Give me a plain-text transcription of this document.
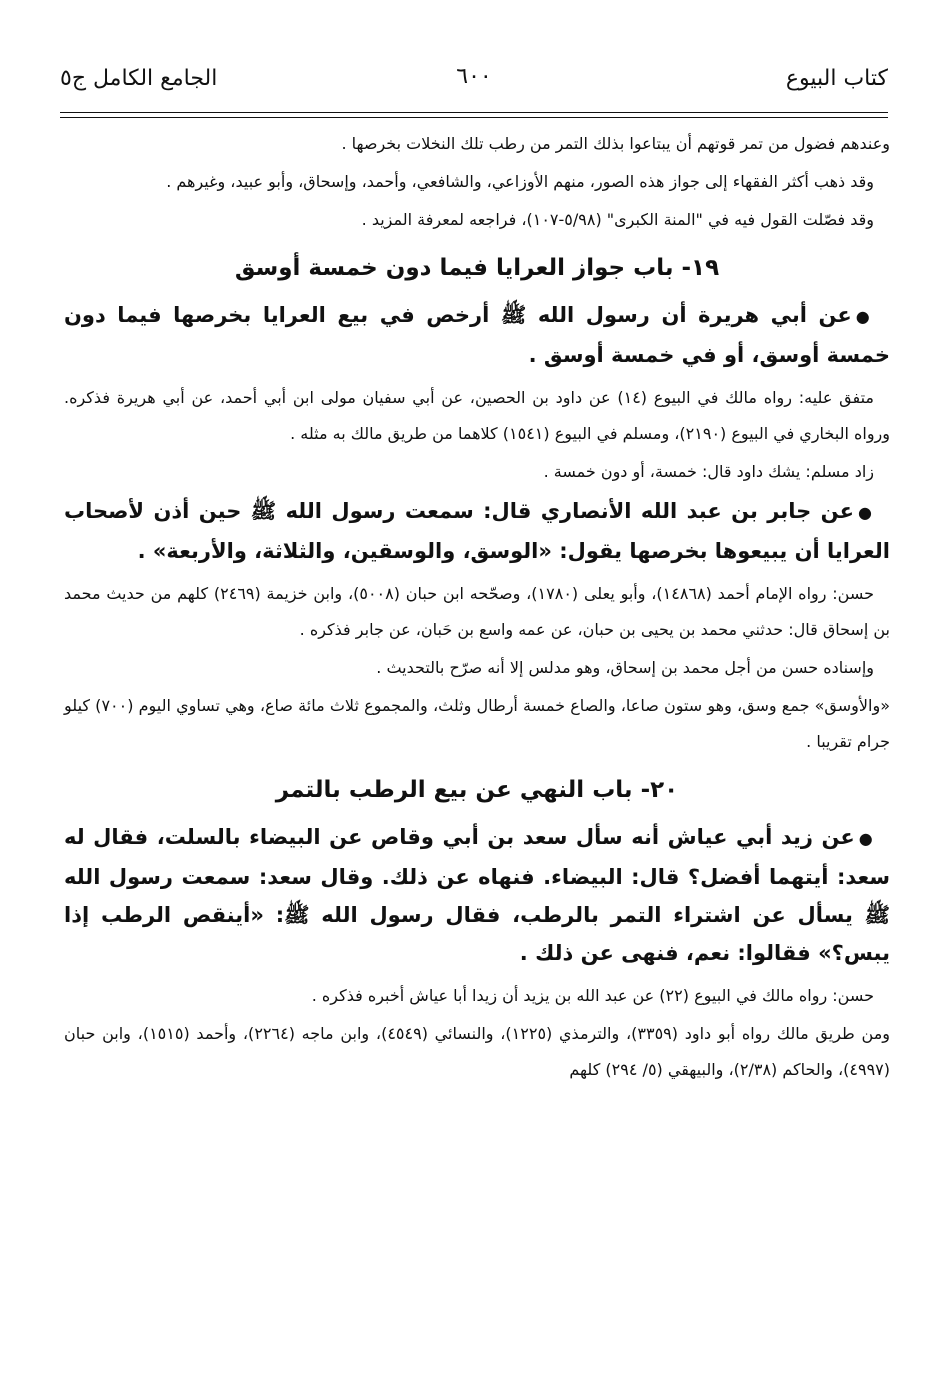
كتاب البيوع
٦٠٠
الجامع الكامل ج٥

وعندهم فضول من تمر قوتهم أن يبتاعوا بذلك التمر من رطب تلك النخلات بخرصها .

وقد ذهب أكثر الفقهاء إلى جواز هذه الصور، منهم الأوزاعي، والشافعي، وأحمد، وإسحاق، وأبو عبيد، وغيرهم .

وقد فصّلت القول فيه في "المنة الكبرى" (٥/٩٨-١٠٧)، فراجعه لمعرفة المزيد .

١٩- باب جواز العرايا فيما دون خمسة أوسق

●عن أبي هريرة أن رسول الله ﷺ أرخص في بيع العرايا بخرصها فيما دون خمسة أوسق، أو في خمسة أوسق .

متفق عليه: رواه مالك في البيوع (١٤) عن داود بن الحصين، عن أبي سفيان مولى ابن أبي أحمد، عن أبي هريرة فذكره. ورواه البخاري في البيوع (٢١٩٠)، ومسلم في البيوع (١٥٤١) كلاهما من طريق مالك به مثله .

زاد مسلم: يشك داود قال: خمسة، أو دون خمسة .

●عن جابر بن عبد الله الأنصاري قال: سمعت رسول الله ﷺ حين أذن لأصحاب العرايا أن يبيعوها بخرصها يقول: «الوسق، والوسقين، والثلاثة، والأربعة» .

حسن: رواه الإمام أحمد (١٤٨٦٨)، وأبو يعلى (١٧٨٠)، وصحّحه ابن حبان (٥٠٠٨)، وابن خزيمة (٢٤٦٩) كلهم من حديث محمد بن إسحاق قال: حدثني محمد بن يحيى بن حبان، عن عمه واسع بن حَبان، عن جابر فذكره .

وإسناده حسن من أجل محمد بن إسحاق، وهو مدلس إلا أنه صرّح بالتحديث .

«والأوسق» جمع وسق، وهو ستون صاعا، والصاع خمسة أرطال وثلث، والمجموع ثلاث مائة صاع، وهي تساوي اليوم (٧٠٠) كيلو جرام تقريبا .

٢٠- باب النهي عن بيع الرطب بالتمر

●عن زيد أبي عياش أنه سأل سعد بن أبي وقاص عن البيضاء بالسلت، فقال له سعد: أيتهما أفضل؟ قال: البيضاء. فنهاه عن ذلك. وقال سعد: سمعت رسول الله ﷺ يسأل عن اشتراء التمر بالرطب، فقال رسول الله ﷺ: «أينقص الرطب إذا يبس؟» فقالوا: نعم، فنهى عن ذلك .

حسن: رواه مالك في البيوع (٢٢) عن عبد الله بن يزيد أن زيدا أبا عياش أخبره فذكره .

ومن طريق مالك رواه أبو داود (٣٣٥٩)، والترمذي (١٢٢٥)، والنسائي (٤٥٤٩)، وابن ماجه (٢٢٦٤)، وأحمد (١٥١٥)، وابن حبان (٤٩٩٧)، والحاكم (٢/٣٨)، والبيهقي (٥/ ٢٩٤) كلهم
